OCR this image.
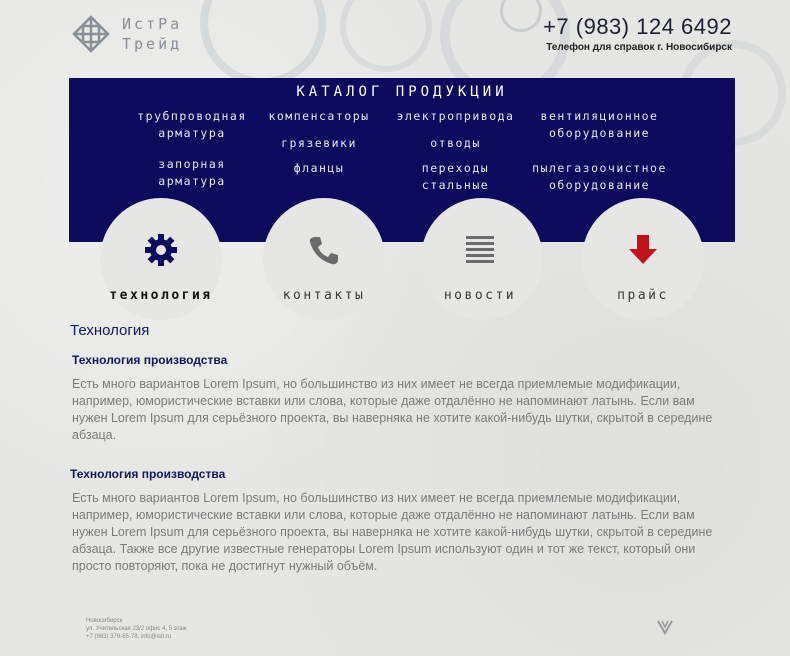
ИстРа
Трейд
+7 (983) 124 6492
Телефон для справок г. Новосибирск
КАТАЛОГ ПРОДУКЦИИ
трубпроводная
арматура
компенсаторы	электропривода	вентиляционное
оборудование
запорная
арматура
грязевики	отводы
пылегазоочистное
оборудование
фланцы	переходы
стальные
технология	контакты	новости	прайс
Технология
Технология производства

Есть много вариантов Lorem Ipsum, но большинство из них имеет не всегда приемлемые модификации, например, юмористические вставки или слова, которые даже отдалённо не напоминают латынь. Если вам нужен Lorem Ipsum для серьёзного проекта, вы наверняка не хотите какой-нибудь шутки, скрытой в середине абзаца.

Технология производства

Есть много вариантов Lorem Ipsum, но большинство из них имеет не всегда приемлемые модификации, например, юмористические вставки или слова, которые даже отдалённо не напоминают латынь. Если вам нужен Lorem Ipsum для серьёзного проекта, вы наверняка не хотите какой-нибудь шутки, скрытой в середине абзаца. Также все другие известные генераторы Lorem Ipsum используют один и тот же текст, который они просто повторяют, пока не достигнут нужный объём.

Новосибирск
ул. Учительская 23/2 офис 4, 5 этаж
+7 (983) 379-65-78, info@istr.ru
